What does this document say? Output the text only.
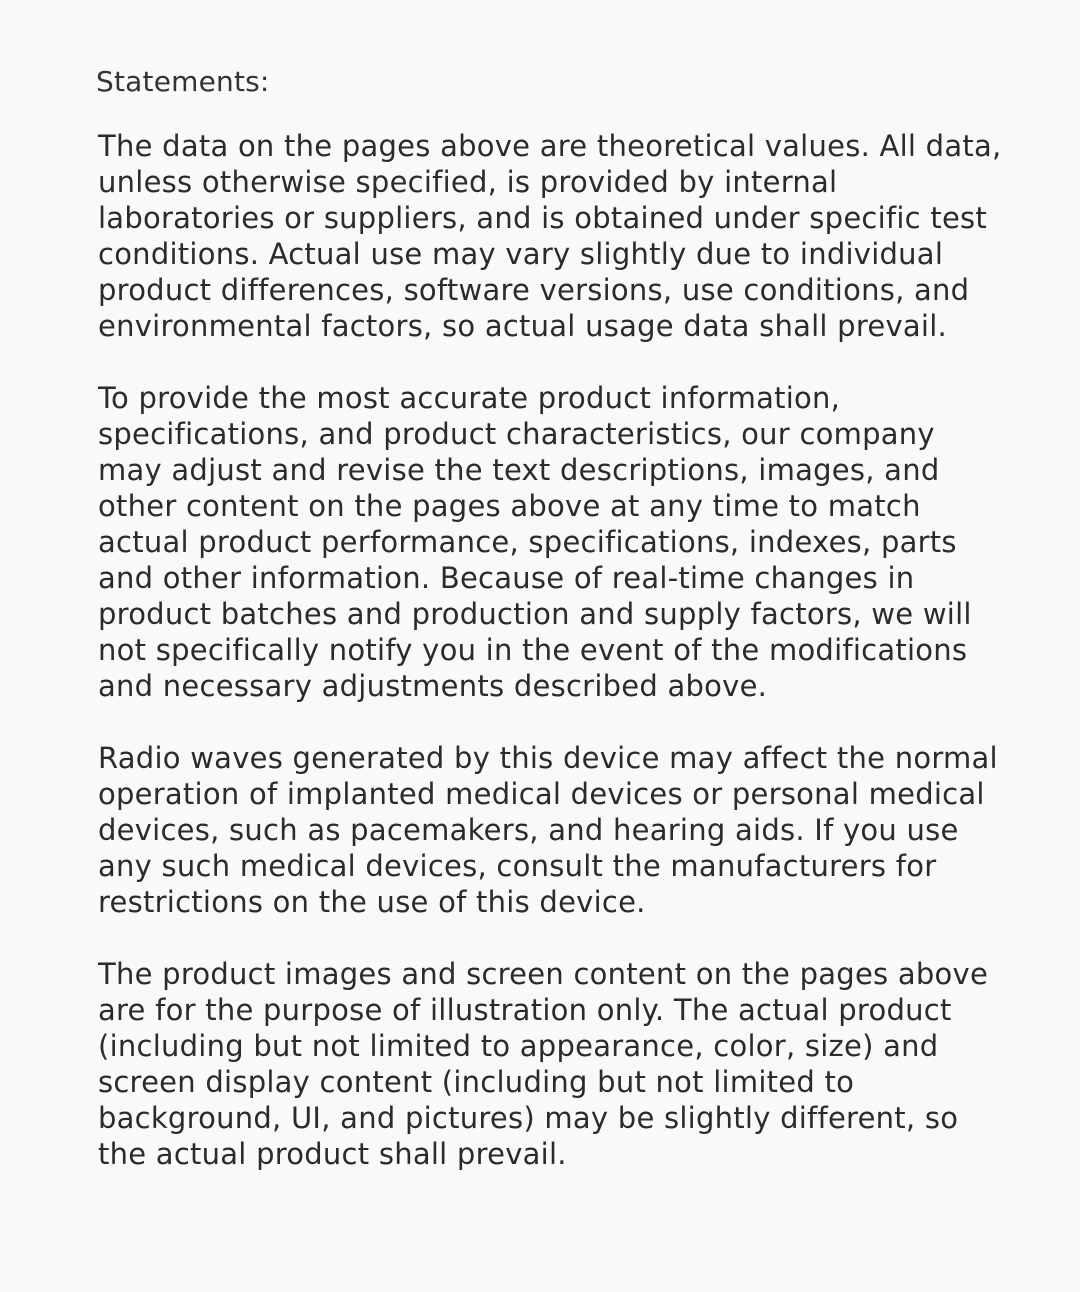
Statements:

The data on the pages above are theoretical values. All data,
unless otherwise specified, is provided by internal
laboratories or suppliers, and is obtained under specific test
conditions. Actual use may vary slightly due to individual
product differences, software versions, use conditions, and
environmental factors, so actual usage data shall prevail.

To provide the most accurate product information,
specifications, and product characteristics, our company
may adjust and revise the text descriptions, images, and
other content on the pages above at any time to match
actual product performance, specifications, indexes, parts
and other information. Because of real-time changes in
product batches and production and supply factors, we will
not specifically notify you in the event of the modifications
and necessary adjustments described above.

Radio waves generated by this device may affect the normal
operation of implanted medical devices or personal medical
devices, such as pacemakers, and hearing aids. If you use
any such medical devices, consult the manufacturers for
restrictions on the use of this device.

The product images and screen content on the pages above
are for the purpose of illustration only. The actual product
(including but not limited to appearance, color, size) and
screen display content (including but not limited to
background, UI, and pictures) may be slightly different, so
the actual product shall prevail.
